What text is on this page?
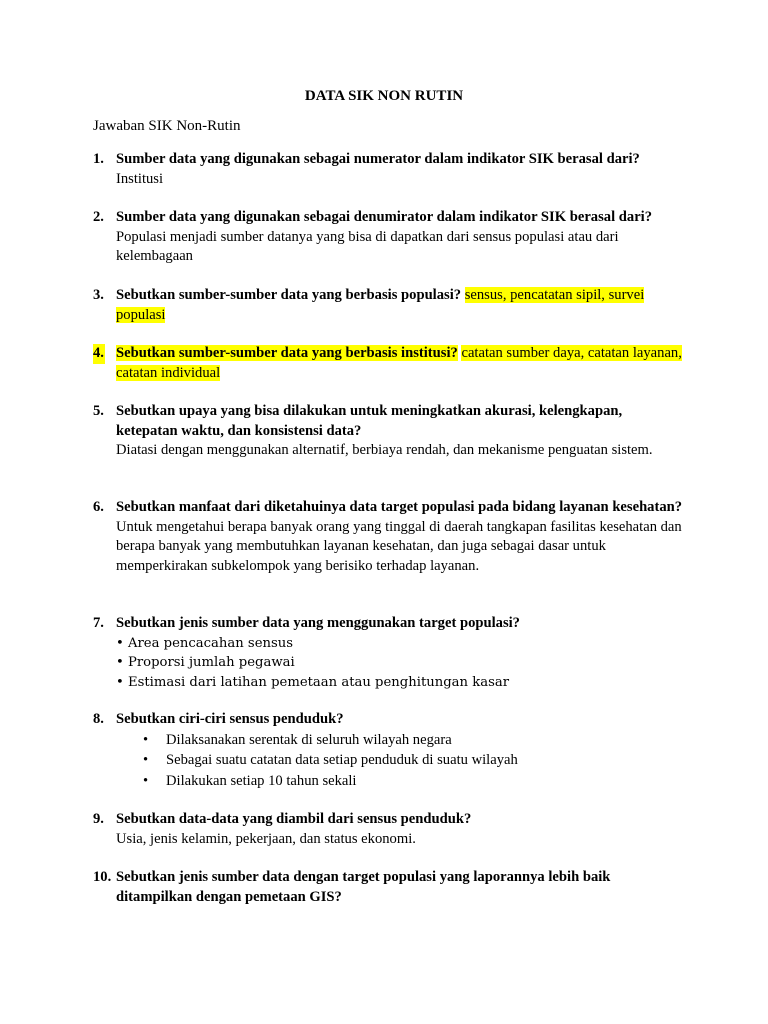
DATA SIK NON RUTIN
Jawaban SIK Non-Rutin
1. Sumber data yang digunakan sebagai numerator dalam indikator SIK berasal dari?
Institusi
2. Sumber data yang digunakan sebagai denumirator dalam indikator SIK berasal dari? Populasi menjadi sumber datanya yang bisa di dapatkan dari sensus populasi atau dari kelembagaan
3. Sebutkan sumber-sumber data yang berbasis populasi? sensus, pencatatan sipil, survei populasi
4. Sebutkan sumber-sumber data yang berbasis institusi? catatan sumber daya, catatan layanan, catatan individual
5. Sebutkan upaya yang bisa dilakukan untuk meningkatkan akurasi, kelengkapan, ketepatan waktu, dan konsistensi data?
Diatasi dengan menggunakan alternatif, berbiaya rendah, dan mekanisme penguatan sistem.
6. Sebutkan manfaat dari diketahuinya data target populasi pada bidang layanan kesehatan?
Untuk mengetahui berapa banyak orang yang tinggal di daerah tangkapan fasilitas kesehatan dan berapa banyak yang membutuhkan layanan kesehatan, dan juga sebagai dasar untuk memperkirakan subkelompok yang berisiko terhadap layanan.
7. Sebutkan jenis sumber data yang menggunakan target populasi?
• Area pencacahan sensus
• Proporsi jumlah pegawai
• Estimasi dari latihan pemetaan atau penghitungan kasar
8. Sebutkan ciri-ciri sensus penduduk?
• Dilaksanakan serentak di seluruh wilayah negara
• Sebagai suatu catatan data setiap penduduk di suatu wilayah
• Dilakukan setiap 10 tahun sekali
9. Sebutkan data-data yang diambil dari sensus penduduk?
Usia, jenis kelamin, pekerjaan, dan status ekonomi.
10. Sebutkan jenis sumber data dengan target populasi yang laporannya lebih baik ditampilkan dengan pemetaan GIS?
